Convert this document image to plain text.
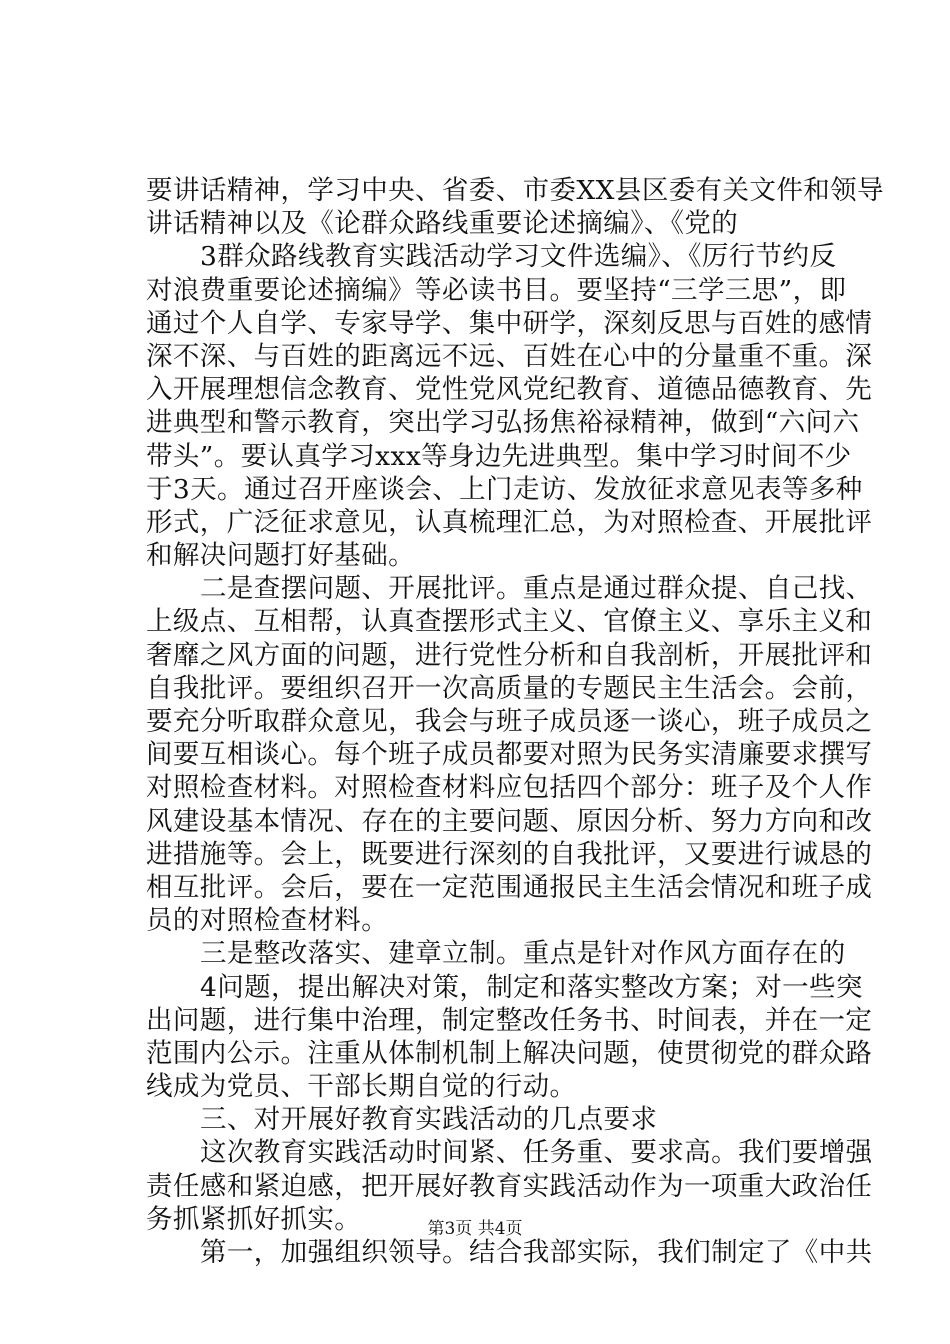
要讲话精神，学习中央、省委、市委XX县区委有关文件和领导
讲话精神以及《论群众路线重要论述摘编》、《党的
3群众路线教育实践活动学习文件选编》、《厉行节约反
对浪费重要论述摘编》等必读书目。要坚持“三学三思”，即
通过个人自学、专家导学、集中研学，深刻反思与百姓的感情
深不深、与百姓的距离远不远、百姓在心中的分量重不重。深
入开展理想信念教育、党性党风党纪教育、道德品德教育、先
进典型和警示教育，突出学习弘扬焦裕禄精神，做到“六问六
带头”。要认真学习xxx等身边先进典型。集中学习时间不少
于3天。通过召开座谈会、上门走访、发放征求意见表等多种
形式，广泛征求意见，认真梳理汇总，为对照检查、开展批评
和解决问题打好基础。
二是查摆问题、开展批评。重点是通过群众提、自己找、
上级点、互相帮，认真查摆形式主义、官僚主义、享乐主义和
奢靡之风方面的问题，进行党性分析和自我剖析，开展批评和
自我批评。要组织召开一次高质量的专题民主生活会。会前，
要充分听取群众意见，我会与班子成员逐一谈心，班子成员之
间要互相谈心。每个班子成员都要对照为民务实清廉要求撰写
对照检查材料。对照检查材料应包括四个部分：班子及个人作
风建设基本情况、存在的主要问题、原因分析、努力方向和改
进措施等。会上，既要进行深刻的自我批评，又要进行诚恳的
相互批评。会后，要在一定范围通报民主生活会情况和班子成
员的对照检查材料。
三是整改落实、建章立制。重点是针对作风方面存在的
4问题，提出解决对策，制定和落实整改方案；对一些突
出问题，进行集中治理，制定整改任务书、时间表，并在一定
范围内公示。注重从体制机制上解决问题，使贯彻党的群众路
线成为党员、干部长期自觉的行动。
三、对开展好教育实践活动的几点要求
这次教育实践活动时间紧、任务重、要求高。我们要增强
责任感和紧迫感，把开展好教育实践活动作为一项重大政治任
务抓紧抓好抓实。
第一，加强组织领导。结合我部实际，我们制定了《中共
第3页 共4页
